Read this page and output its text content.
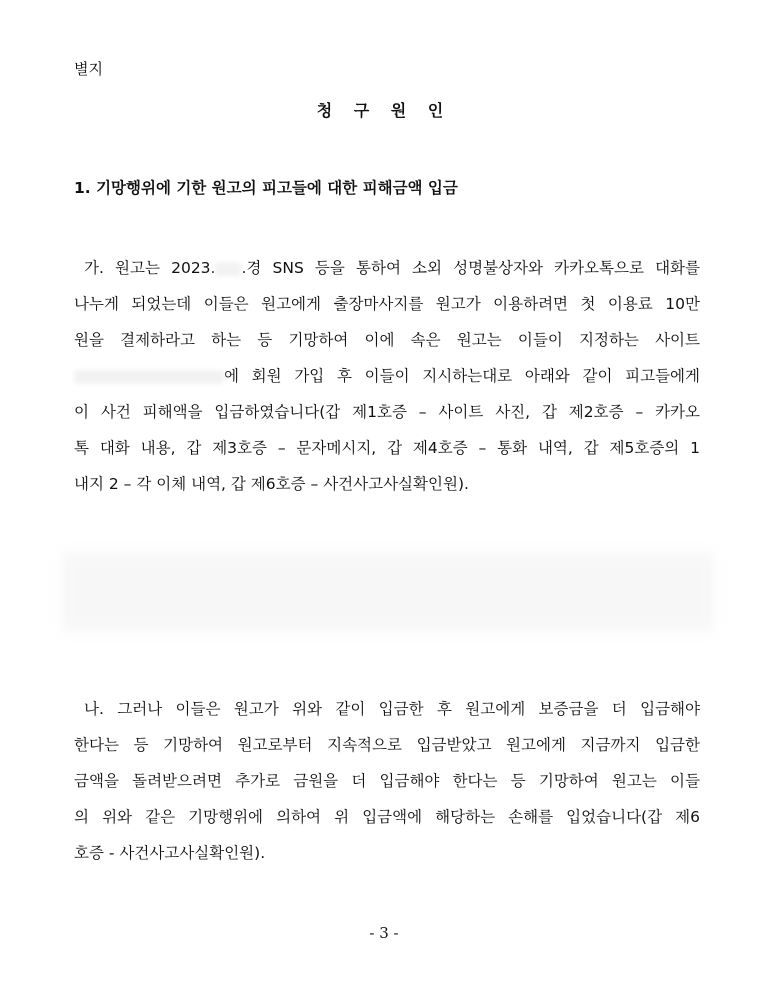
별지
청 구 원 인
1. 기망행위에 기한 원고의 피고들에 대한 피해금액 입금
가. 원고는 2023. .경 SNS 등을 통하여 소외 성명불상자와 카카오톡으로 대화를
나누게 되었는데 이들은 원고에게 출장마사지를 원고가 이용하려면 첫 이용료 10만
원을 결제하라고 하는 등 기망하여 이에 속은 원고는 이들이 지정하는 사이트
에 회원 가입 후 이들이 지시하는대로 아래와 같이 피고들에게
이 사건 피해액을 입금하였습니다(갑 제1호증 – 사이트 사진, 갑 제2호증 – 카카오
톡 대화 내용, 갑 제3호증 – 문자메시지, 갑 제4호증 – 통화 내역, 갑 제5호증의 1
내지 2 – 각 이체 내역, 갑 제6호증 – 사건사고사실확인원).
나. 그러나 이들은 원고가 위와 같이 입금한 후 원고에게 보증금을 더 입금해야
한다는 등 기망하여 원고로부터 지속적으로 입금받았고 원고에게 지금까지 입금한
금액을 돌려받으려면 추가로 금원을 더 입금해야 한다는 등 기망하여 원고는 이들
의 위와 같은 기망행위에 의하여 위 입금액에 해당하는 손해를 입었습니다(갑 제6
호증 - 사건사고사실확인원).
- 3 -
